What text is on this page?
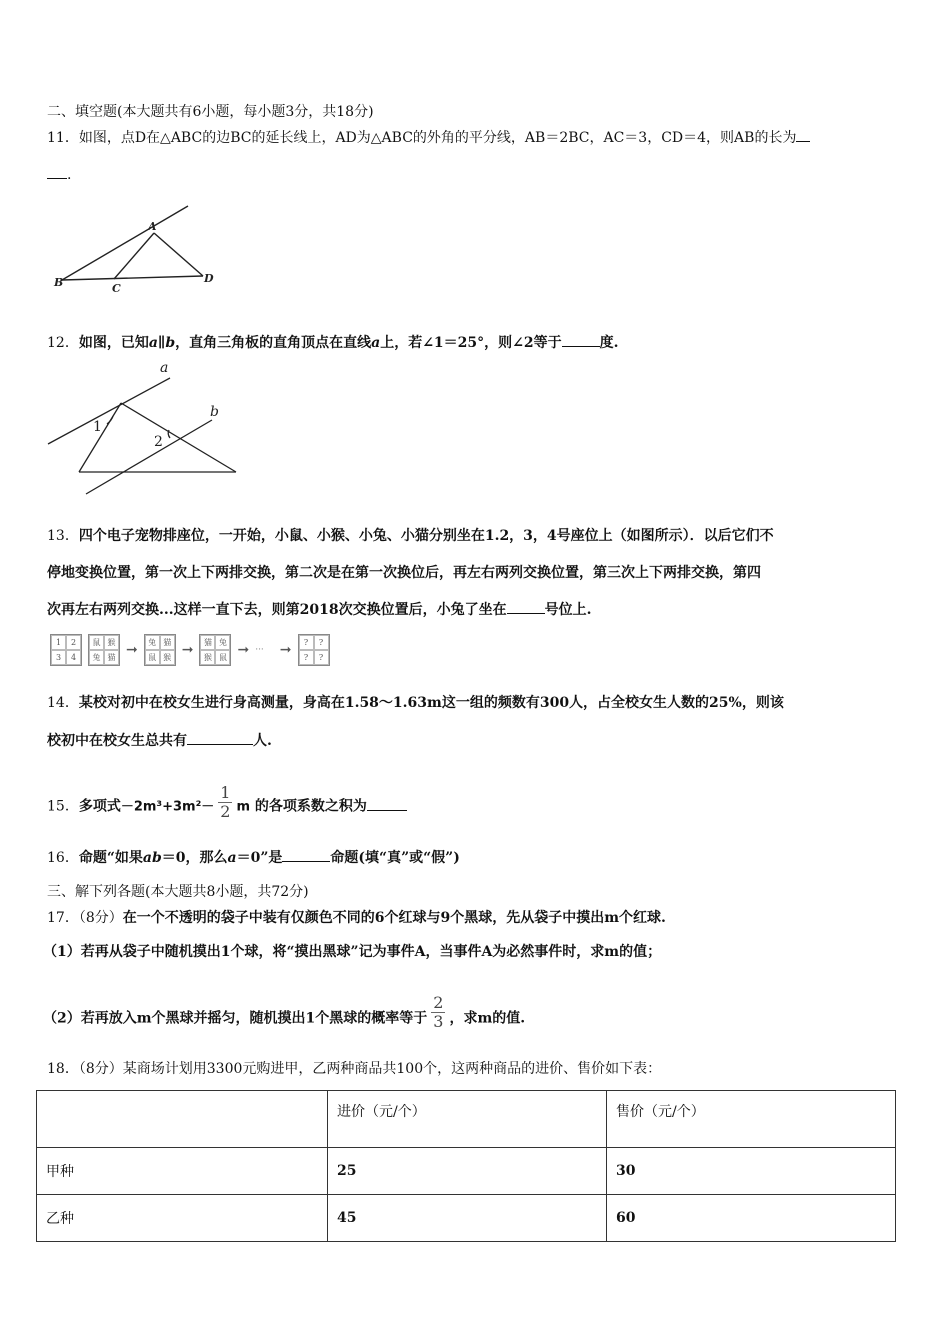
二、填空题(本大题共有6小题，每小题3分，共18分)
11．如图，点D在△ABC的边BC的延长线上，AD为△ABC的外角的平分线，AB＝2BC，AC＝3，CD＝4，则AB的长为
.
A
B	C
D
12．如图，已知a∥b，直角三角板的直角顶点在直线a上，若∠1＝25°，则∠2等于	度.
a
b
1
2
13．四个电子宠物排座位，一开始，小鼠、小猴、小兔、小猫分别坐在1.2，3，4号座位上（如图所示）．以后它们不
停地变换位置，第一次上下两排交换，第二次是在第一次换位后，再左右两列交换位置，第三次上下两排交换，第四
次再左右两列交换...这样一直下去，则第2018次交换位置后，小兔了坐在	号位上.
1	2
3	4
鼠 猴
兔 猫 ➞	兔 猫
鼠 猴 ➞	猫 兔
猴 鼠 ➞ ··· ➞	?	?
?	?
14．某校对初中在校女生进行身高测量，身高在1.58～1.63m这一组的频数有300人，占全校女生人数的25%，则该
校初中在校女生总共有	人.
15．多项式$-2m^3+3m^2- \frac{1}{2}$ m 的各项系数之积为
16．命题“如果ab＝0，那么a＝0”是	命题(填“真”或“假”)
三、解下列各题(本大题共8小题，共72分)
17．（8分）在一个不透明的袋子中装有仅颜色不同的6个红球与9个黑球，先从袋子中摸出m个红球.
（1）若再从袋子中随机摸出1个球，将“摸出黑球”记为事件A，当事件A为必然事件时，求m的值；
（2）若再放入m个黑球并摇匀，随机摸出1个黑球的概率等于 $\frac{2}{3}$ ，求m的值.
18．（8分）某商场计划用3300元购进甲，乙两种商品共100个，这两种商品的进价、售价如下表：
	进价（元/个）	售价（元/个）
甲种	25	30
乙种	45	60
